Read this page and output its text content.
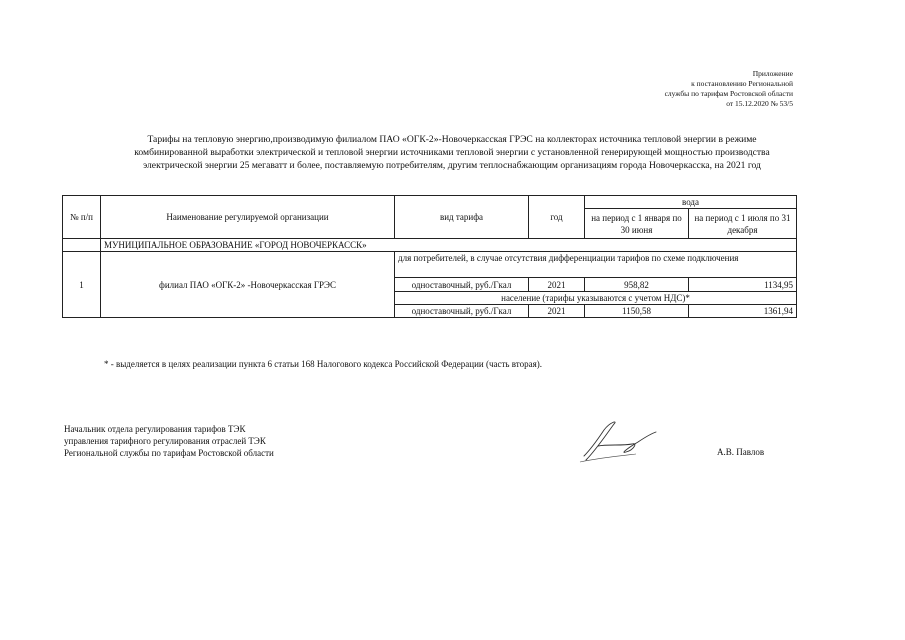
Приложение
к постановлению Региональной
службы по тарифам Ростовской области
от 15.12.2020 № 53/5
Тарифы на тепловую энергию,производимую филиалом ПАО «ОГК-2»-Новочеркасская ГРЭС на коллекторах источника тепловой энергии в режиме
комбинированной выработки электрической и тепловой энергии источниками тепловой энергии с установленной генерирующей мощностью производства
электрической энергии 25 мегаватт и более, поставляемую потребителям, другим теплоснабжающим организациям города Новочеркасска, на 2021 год
№ п/п	Наименование регулируемой организации	вид тарифа	год	вода	
				на период с 1 января по 30 июня	на период с 1 июля по 31 декабря
	МУНИЦИПАЛЬНОЕ ОБРАЗОВАНИЕ «ГОРОД НОВОЧЕРКАССК»				
1	филиал ПАО «ОГК-2» -Новочеркасская ГРЭС	для потребителей, в случае отсутствия дифференциации тарифов по схеме подключения			
		одноставочный, руб./Гкал	2021	958,82	1134,95
		население (тарифы указываются с учетом НДС)*			
		одноставочный, руб./Гкал	2021	1150,58	1361,94
* - выделяется в целях реализации пункта 6 статьи 168 Налогового кодекса Российской Федерации (часть вторая).
Начальник отдела регулирования тарифов ТЭК
управления тарифного регулирования отраслей ТЭК
Региональной службы по тарифам Ростовской области	А.В. Павлов
